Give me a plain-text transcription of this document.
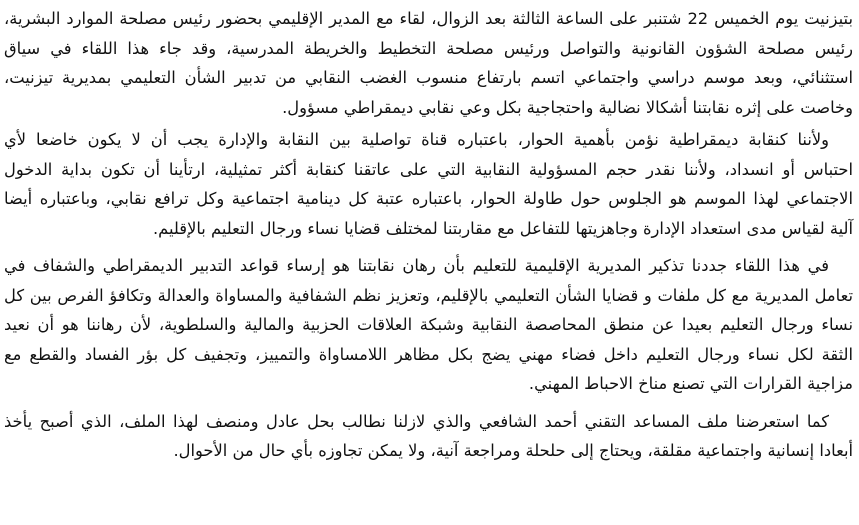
بتيزنيت يوم الخميس 22 شتنبر على الساعة الثالثة بعد الزوال، لقاء مع المدير الإقليمي بحضور رئيس مصلحة الموارد البشرية،
رئيس مصلحة الشؤون القانونية والتواصل ورئيس مصلحة التخطيط والخريطة المدرسية، وقد جاء هذا اللقاء في سياق
استثنائي، وبعد موسم دراسي واجتماعي اتسم بارتفاع منسوب الغضب النقابي من تدبير الشأن التعليمي بمديرية تيزنيت،
وخاصت على إثره نقابتنا أشكالا نضالية واحتجاجية بكل وعي نقابي ديمقراطي مسؤول.

ولأننا كنقابة ديمقراطية نؤمن بأهمية الحوار، باعتباره قناة تواصلية بين النقابة والإدارة يجب أن لا يكون خاضعا لأي
احتباس أو انسداد، ولأننا نقدر حجم المسؤولية النقابية التي على عاتقنا كنقابة أكثر تمثيلية، ارتأينا أن تكون بداية الدخول
الاجتماعي لهذا الموسم هو الجلوس حول طاولة الحوار، باعتباره عتبة كل دينامية اجتماعية وكل ترافع نقابي، وباعتباره أيضا
آلية لقياس مدى استعداد الإدارة وجاهزيتها للتفاعل مع مقاربتنا لمختلف قضايا نساء ورجال التعليم بالإقليم.

في هذا اللقاء جددنا تذكير المديرية الإقليمية للتعليم بأن رهان نقابتنا هو إرساء قواعد التدبير الديمقراطي والشفاف في
تعامل المديرية مع كل ملفات و قضايا الشأن التعليمي بالإقليم، وتعزيز نظم الشفافية والمساواة والعدالة وتكافؤ الفرص بين كل
نساء ورجال التعليم بعيدا عن منطق المحاصصة النقابية وشبكة العلاقات الحزبية والمالية والسلطوية، لأن رهاننا هو أن نعيد
الثقة لكل نساء ورجال التعليم داخل فضاء مهني يضج بكل مظاهر اللامساواة والتمييز، وتجفيف كل بؤر الفساد والقطع مع
مزاجية القرارات التي تصنع مناخ الاحباط المهني.

كما استعرضنا ملف المساعد التقني أحمد الشافعي والذي لازلنا نطالب بحل عادل ومنصف لهذا الملف، الذي أصبح يأخذ
أبعادا إنسانية واجتماعية مقلقة، ويحتاج إلى حلحلة ومراجعة آنية، ولا يمكن تجاوزه بأي حال من الأحوال.
